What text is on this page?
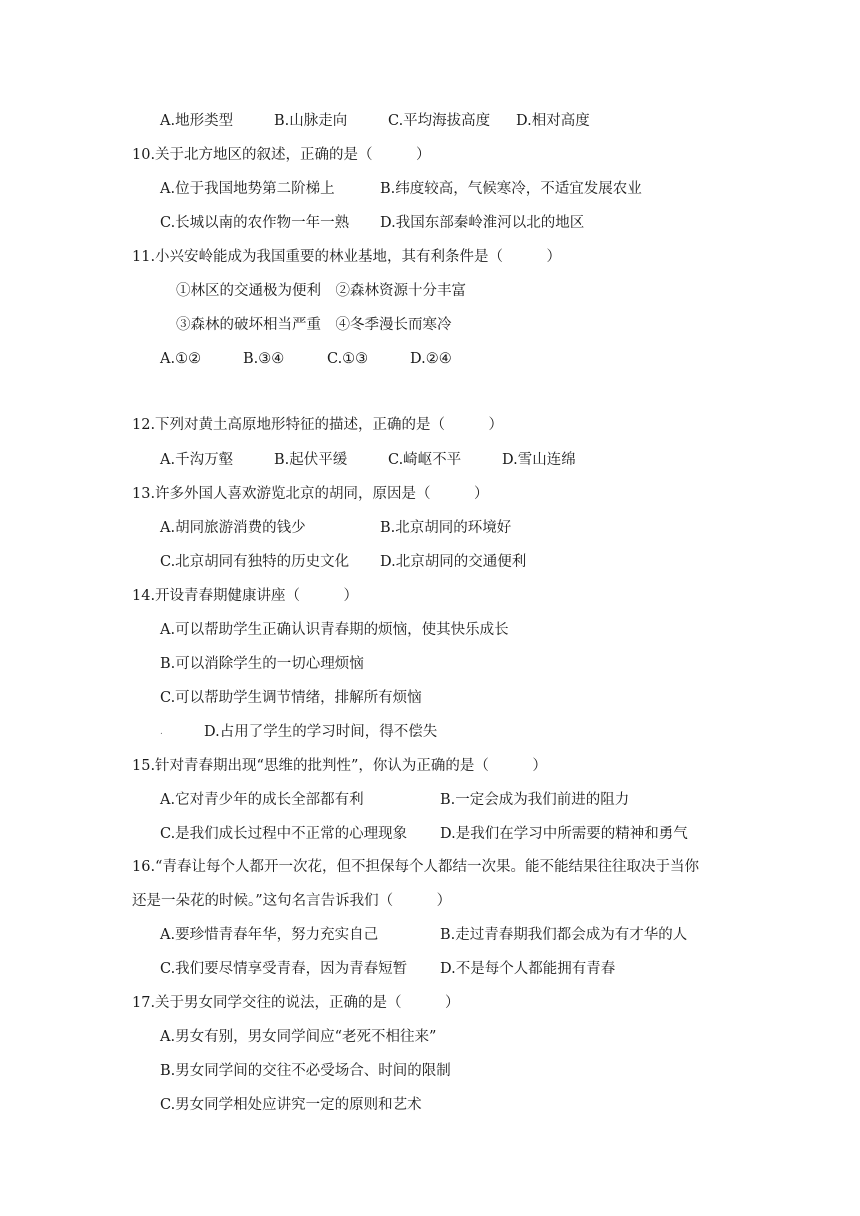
A.地形类型	B.山脉走向	C.平均海拔高度 D.相对高度
10.关于北方地区的叙述，正确的是（　　　）
A.位于我国地势第二阶梯上	B.纬度较高，气候寒冷，不适宜发展农业
C.长城以南的农作物一年一熟 D.我国东部秦岭淮河以北的地区
11.小兴安岭能成为我国重要的林业基地，其有利条件是（　　　）
①林区的交通极为便利　②森林资源十分丰富
③森林的破坏相当严重　④冬季漫长而寒冷
A.①②	B.③④	C.①③	D.②④
12.下列对黄土高原地形特征的描述，正确的是（　　　）
A.千沟万壑	B.起伏平缓	C.崎岖不平	D.雪山连绵
13.许多外国人喜欢游览北京的胡同，原因是（　　　）
A.胡同旅游消费的钱少	B.北京胡同的环境好
C.北京胡同有独特的历史文化 D.北京胡同的交通便利
14.开设青春期健康讲座（　　　）
A.可以帮助学生正确认识青春期的烦恼，使其快乐成长
B.可以消除学生的一切心理烦恼
C.可以帮助学生调节情绪，排解所有烦恼
.	D.占用了学生的学习时间，得不偿失
15.针对青春期出现“思维的批判性”，你认为正确的是（　　　）
A.它对青少年的成长全部都有利	B.一定会成为我们前进的阻力
C.是我们成长过程中不正常的心理现象 D.是我们在学习中所需要的精神和勇气
16.“青春让每个人都开一次花，但不担保每个人都结一次果。能不能结果往往取决于当你
还是一朵花的时候。”这句名言告诉我们（　　　）
A.要珍惜青春年华，努力充实自己	B.走过青春期我们都会成为有才华的人
C.我们要尽情享受青春，因为青春短暂 D.不是每个人都能拥有青春
17.关于男女同学交往的说法，正确的是（　　　）
A.男女有别，男女同学间应“老死不相往来”
B.男女同学间的交往不必受场合、时间的限制
C.男女同学相处应讲究一定的原则和艺术
